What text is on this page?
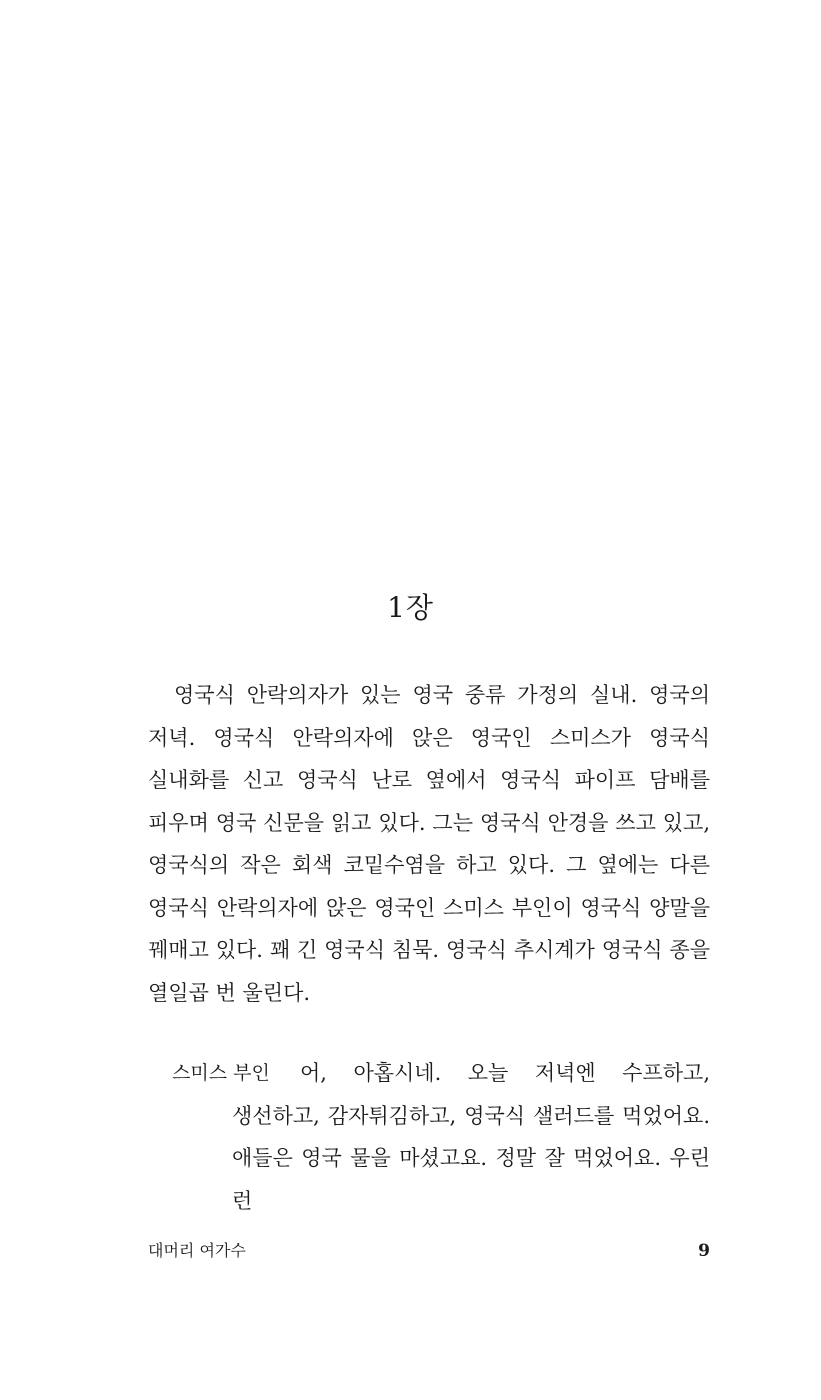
1장

영국식 안락의자가 있는 영국 중류 가정의 실내. 영국의 저녁. 영국식 안락의자에 앉은 영국인 스미스가 영국식 실내화를 신고 영국식 난로 옆에서 영국식 파이프 담배를 피우며 영국 신문을 읽고 있다. 그는 영국식 안경을 쓰고 있고, 영국식의 작은 회색 코밑수염을 하고 있다. 그 옆에는 다른 영국식 안락의자에 앉은 영국인 스미스 부인이 영국식 양말을 꿰매고 있다. 꽤 긴 영국식 침묵. 영국식 추시계가 영국식 종을 열일곱 번 울린다.

스미스 부인	어, 아홉시네. 오늘 저녁엔 수프하고, 생선하고, 감자튀김하고, 영국식 샐러드를 먹었어요. 애들은 영국 물을 마셨고요. 정말 잘 먹었어요. 우린 런

대머리 여가수	9
